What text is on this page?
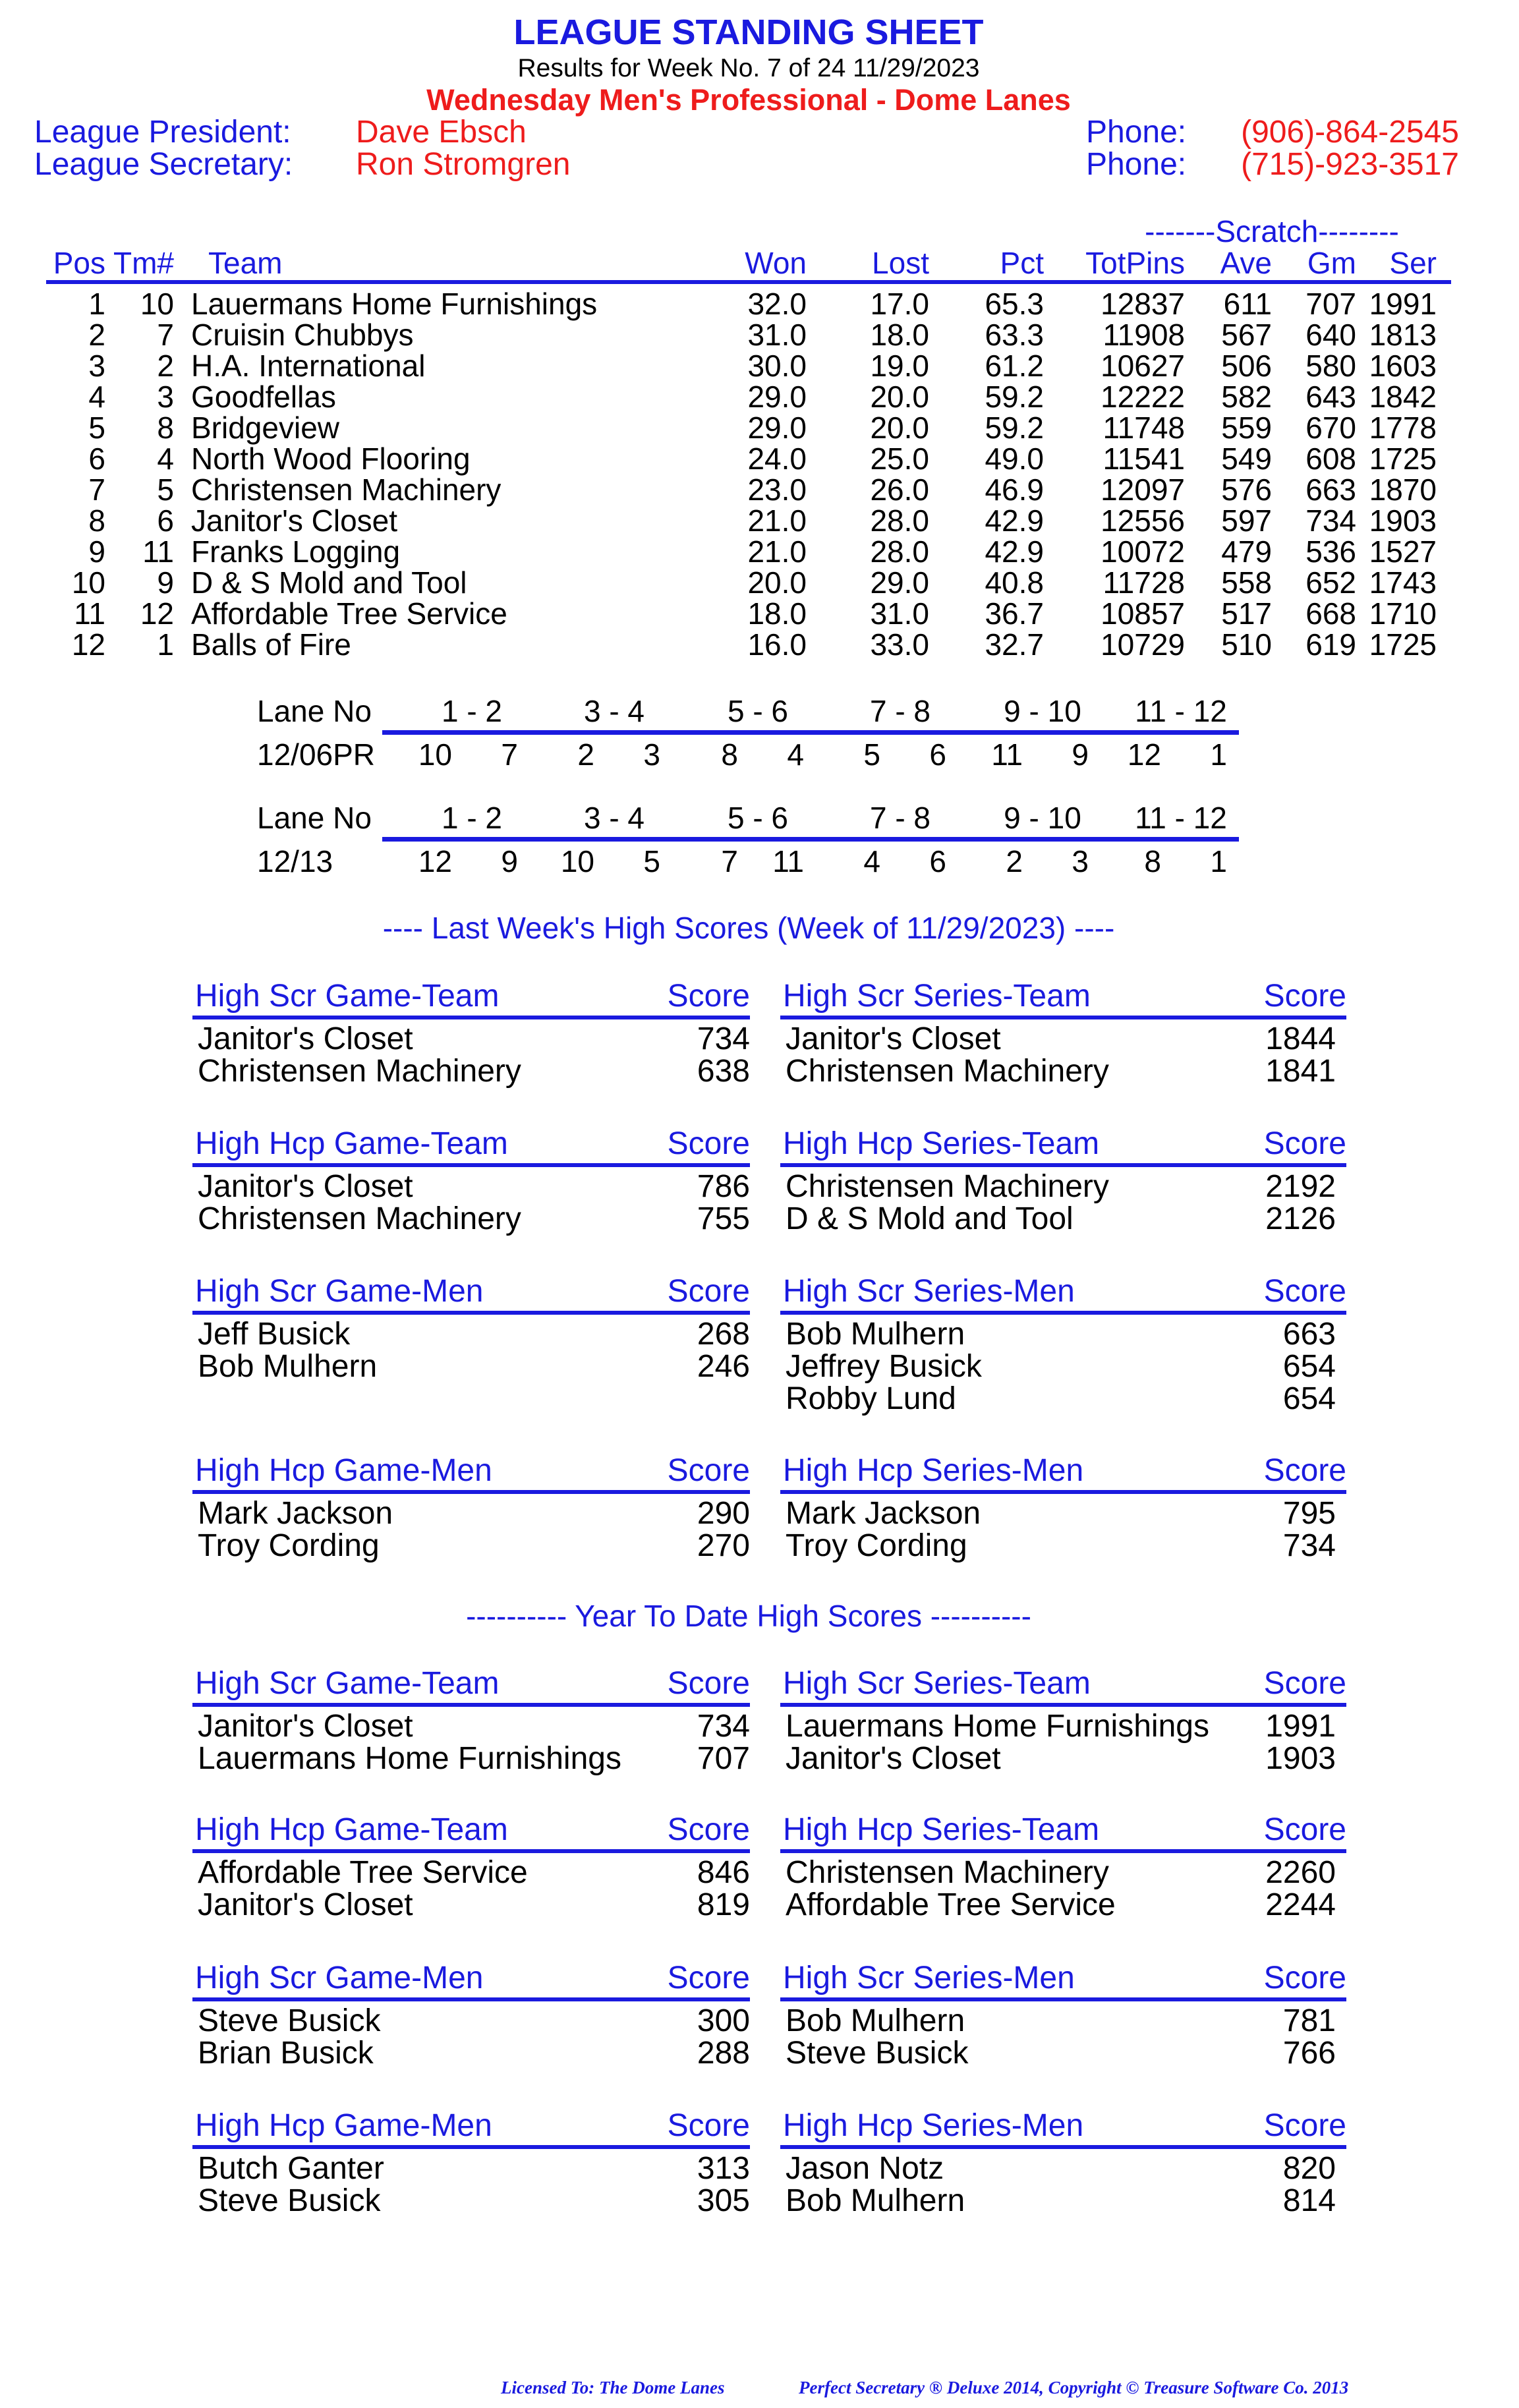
LEAGUE STANDING SHEET
Results for Week No. 7 of 24 11/29/2023
Wednesday Men's Professional - Dome Lanes
League President: Dave Ebsch	Phone:	(906)-864-2545
League Secretary: Ron Stromgren	Phone:	(715)-923-3517
-------Scratch--------
Pos Tm# Team	Won	Lost	Pct	TotPins	Ave	Gm	Ser
1	10 Lauermans Home Furnishings	32.0	17.0	65.3	12837	611	707 1991
2	7 Cruisin Chubbys	31.0	18.0	63.3	11908	567	640 1813
3	2 H.A. International	30.0	19.0	61.2	10627	506	580 1603
4	3 Goodfellas	29.0	20.0	59.2	12222	582	643 1842
5	8 Bridgeview	29.0	20.0	59.2	11748	559	670 1778
6	4 North Wood Flooring	24.0	25.0	49.0	11541	549	608 1725
7	5 Christensen Machinery	23.0	26.0	46.9	12097	576	663 1870
8	6 Janitor's Closet	21.0	28.0	42.9	12556	597	734 1903
9	11 Franks Logging	21.0	28.0	42.9	10072	479	536 1527
10	9 D & S Mold and Tool	20.0	29.0	40.8	11728	558	652 1743
11	12 Affordable Tree Service	18.0	31.0	36.7	10857	517	668 1710
12	1 Balls of Fire	16.0	33.0	32.7	10729	510	619 1725
Lane No	1 - 2	3 - 4	5 - 6	7 - 8	9 - 10	11 - 12
12/06PR	10	7	2	3	8	4	5	6	11	9	12	1
Lane No	1 - 2	3 - 4	5 - 6	7 - 8	9 - 10	11 - 12
12/13	12	9	10	5	7	11	4	6	2	3	8	1
---- Last Week's High Scores (Week of 11/29/2023) ----
High Scr Game-Team	Score
Janitor's Closet	734
Christensen Machinery	638
High Scr Series-Team	Score
Janitor's Closet	1844
Christensen Machinery	1841
High Hcp Game-Team	Score
Janitor's Closet	786
Christensen Machinery	755
High Hcp Series-Team	Score
Christensen Machinery	2192
D & S Mold and Tool	2126
High Scr Game-Men	Score
Jeff Busick	268
Bob Mulhern	246
High Scr Series-Men	Score
Bob Mulhern	663
Jeffrey Busick	654
Robby Lund	654
High Hcp Game-Men	Score
Mark Jackson	290
Troy Cording	270
High Hcp Series-Men	Score
Mark Jackson	795
Troy Cording	734
---------- Year To Date High Scores ----------
High Scr Game-Team	Score
Janitor's Closet	734
Lauermans Home Furnishings	707
High Scr Series-Team	Score
Lauermans Home Furnishings	1991
Janitor's Closet	1903
High Hcp Game-Team	Score
Affordable Tree Service	846
Janitor's Closet	819
High Hcp Series-Team	Score
Christensen Machinery	2260
Affordable Tree Service	2244
High Scr Game-Men	Score
Steve Busick	300
Brian Busick	288
High Scr Series-Men	Score
Bob Mulhern	781
Steve Busick	766
High Hcp Game-Men	Score
Butch Ganter	313
Steve Busick	305
High Hcp Series-Men	Score
Jason Notz	820
Bob Mulhern	814
Licensed To: The Dome Lanes	Perfect Secretary ® Deluxe 2014, Copyright © Treasure Software Co. 2013
